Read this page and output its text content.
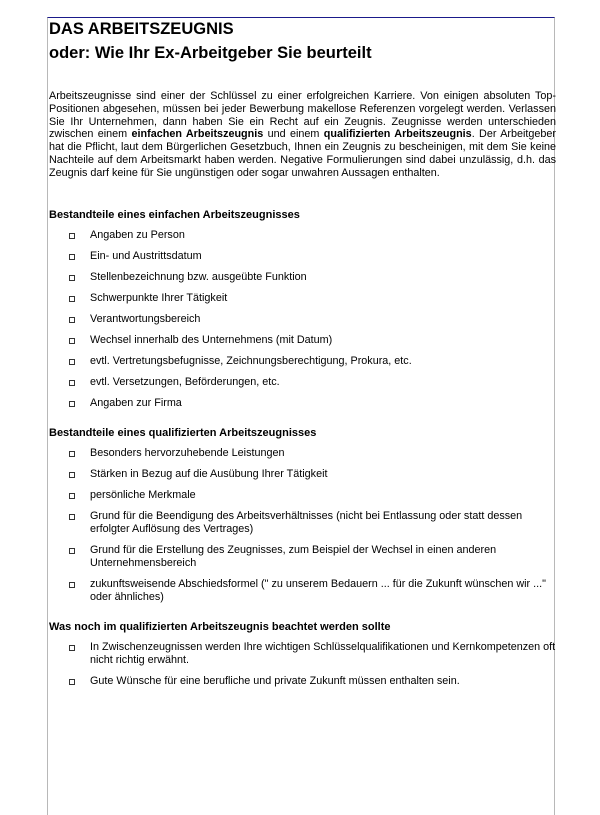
DAS ARBEITSZEUGNIS
oder: Wie Ihr Ex-Arbeitgeber Sie beurteilt

Arbeitszeugnisse sind einer der Schlüssel zu einer erfolgreichen Karriere. Von einigen absoluten Top-Positionen abgesehen, müssen bei jeder Bewerbung makellose Referenzen vorgelegt werden. Verlassen Sie Ihr Unternehmen, dann haben Sie ein Recht auf ein Zeugnis. Zeugnisse werden unterschieden zwischen einem einfachen Arbeitszeugnis und einem qualifizierten Arbeitszeugnis. Der Arbeitgeber hat die Pflicht, laut dem Bürgerlichen Gesetzbuch, Ihnen ein Zeugnis zu bescheinigen, mit dem Sie keine Nachteile auf dem Arbeitsmarkt haben werden. Negative Formulierungen sind dabei unzulässig, d.h. das Zeugnis darf keine für Sie ungünstigen oder sogar unwahren Aussagen enthalten.

Bestandteile eines einfachen Arbeitszeugnisses
Angaben zu Person
Ein- und Austrittsdatum
Stellenbezeichnung bzw. ausgeübte Funktion
Schwerpunkte Ihrer Tätigkeit
Verantwortungsbereich
Wechsel innerhalb des Unternehmens (mit Datum)
evtl. Vertretungsbefugnisse, Zeichnungsberechtigung, Prokura, etc.
evtl. Versetzungen, Beförderungen, etc.
Angaben zur Firma
Bestandteile eines qualifizierten Arbeitszeugnisses
Besonders hervorzuhebende Leistungen
Stärken in Bezug auf die Ausübung Ihrer Tätigkeit
persönliche Merkmale
Grund für die Beendigung des Arbeitsverhältnisses (nicht bei Entlassung oder statt dessen erfolgter Auflösung des Vertrages)
Grund für die Erstellung des Zeugnisses, zum Beispiel der Wechsel in einen anderen Unternehmensbereich
zukunftsweisende Abschiedsformel (" zu unserem Bedauern ... für die Zukunft wünschen wir ..." oder ähnliches)
Was noch im qualifizierten Arbeitszeugnis beachtet werden sollte
In Zwischenzeugnissen werden Ihre wichtigen Schlüsselqualifikationen und Kernkompetenzen oft nicht richtig erwähnt.
Gute Wünsche für eine berufliche und private Zukunft müssen enthalten sein.
